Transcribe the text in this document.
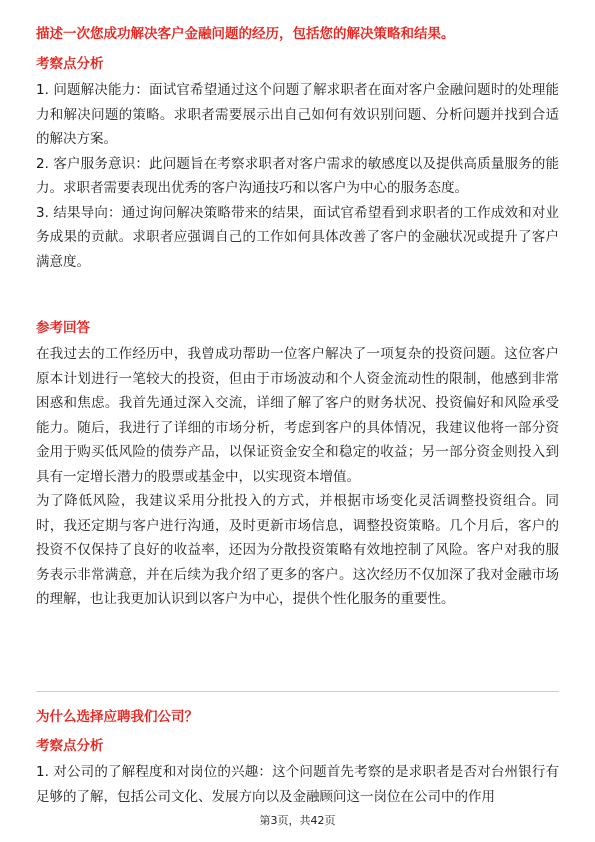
描述一次您成功解决客户金融问题的经历，包括您的解决策略和结果。
考察点分析
1. 问题解决能力：面试官希望通过这个问题了解求职者在面对客户金融问题时的处理能力和解决问题的策略。求职者需要展示出自己如何有效识别问题、分析问题并找到合适的解决方案。
2. 客户服务意识：此问题旨在考察求职者对客户需求的敏感度以及提供高质量服务的能力。求职者需要表现出优秀的客户沟通技巧和以客户为中心的服务态度。
3. 结果导向：通过询问解决策略带来的结果，面试官希望看到求职者的工作成效和对业务成果的贡献。求职者应强调自己的工作如何具体改善了客户的金融状况或提升了客户满意度。
参考回答
在我过去的工作经历中，我曾成功帮助一位客户解决了一项复杂的投资问题。这位客户原本计划进行一笔较大的投资，但由于市场波动和个人资金流动性的限制，他感到非常困惑和焦虑。我首先通过深入交流，详细了解了客户的财务状况、投资偏好和风险承受能力。随后，我进行了详细的市场分析，考虑到客户的具体情况，我建议他将一部分资金用于购买低风险的债券产品，以保证资金安全和稳定的收益；另一部分资金则投入到具有一定增长潜力的股票或基金中，以实现资本增值。
为了降低风险，我建议采用分批投入的方式，并根据市场变化灵活调整投资组合。同时，我还定期与客户进行沟通，及时更新市场信息，调整投资策略。几个月后，客户的投资不仅保持了良好的收益率，还因为分散投资策略有效地控制了风险。客户对我的服务表示非常满意，并在后续为我介绍了更多的客户。这次经历不仅加深了我对金融市场的理解，也让我更加认识到以客户为中心，提供个性化服务的重要性。
为什么选择应聘我们公司？
考察点分析
1. 对公司的了解程度和对岗位的兴趣：这个问题首先考察的是求职者是否对台州银行有足够的了解，包括公司文化、发展方向以及金融顾问这一岗位在公司中的作用
第3页，共42页
